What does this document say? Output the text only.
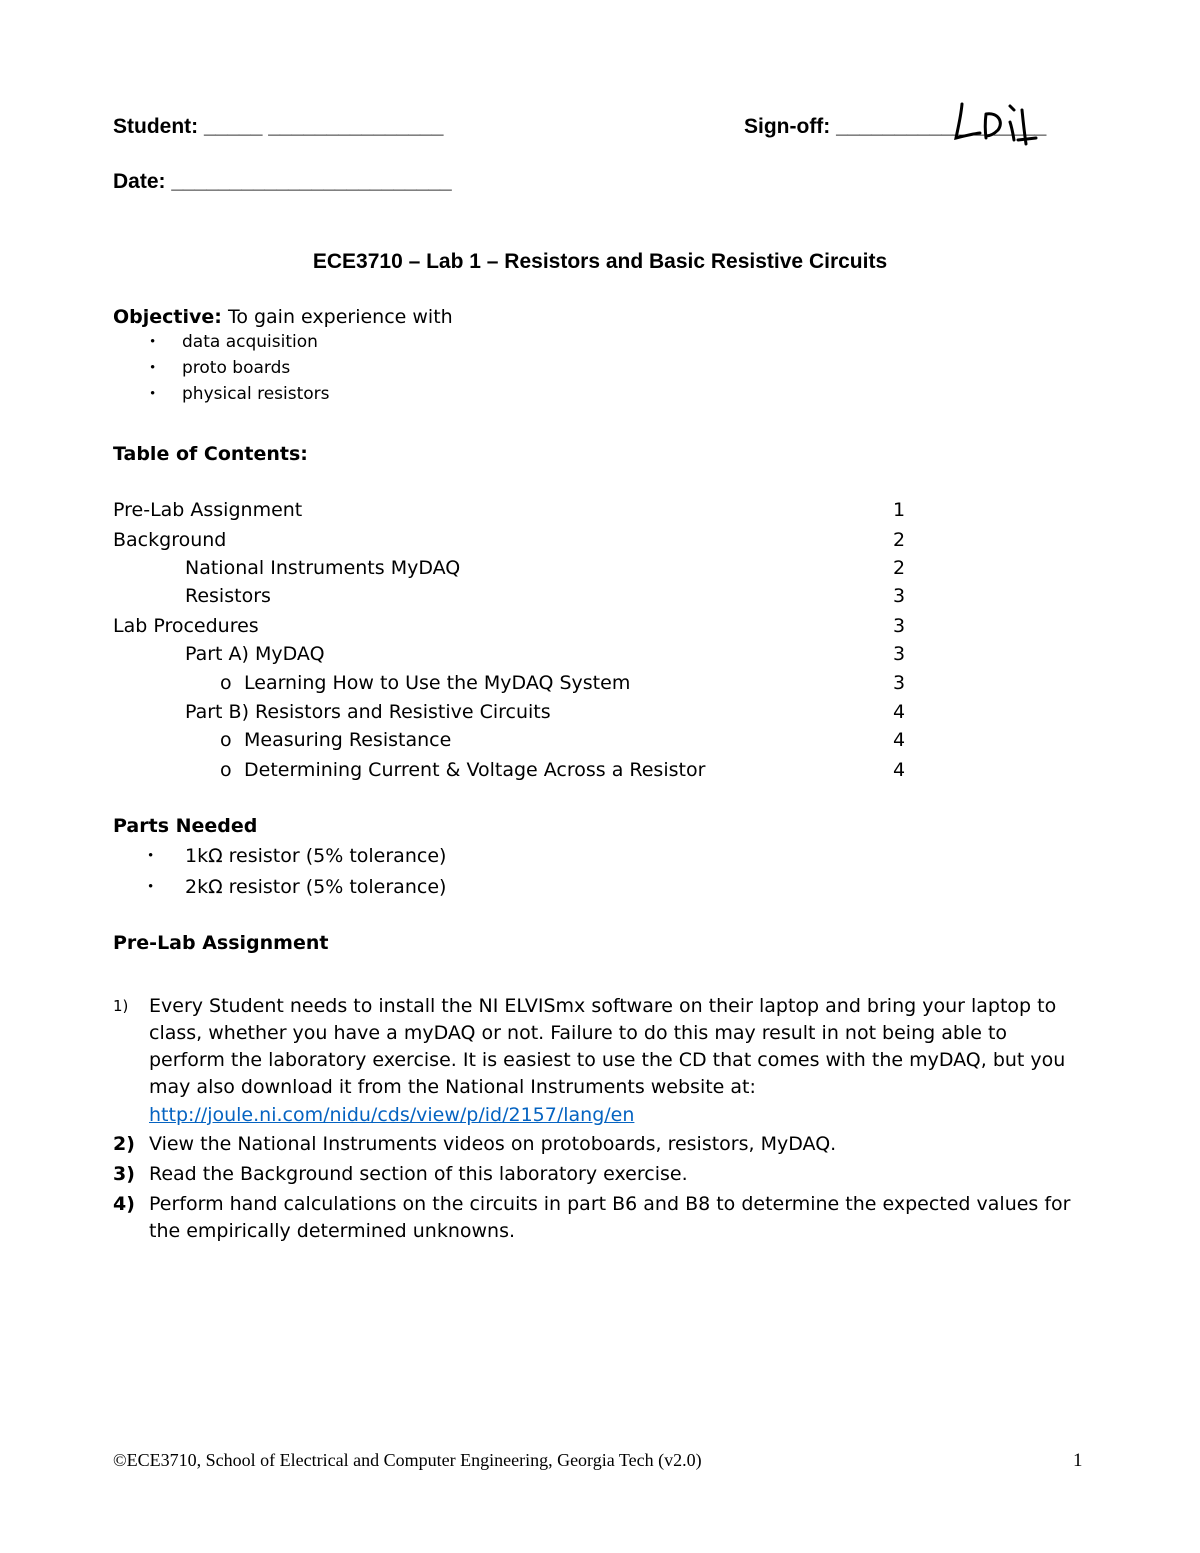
Student: _____ _______________	Sign-off: __________________
Date: ________________________
ECE3710 – Lab 1 – Resistors and Basic Resistive Circuits
Objective: To gain experience with
• data acquisition
• proto boards
• physical resistors
Table of Contents:
Pre-Lab Assignment	1
Background	2
National Instruments MyDAQ	2
Resistors	3
Lab Procedures	3
Part A) MyDAQ	3
o Learning How to Use the MyDAQ System	3
Part B) Resistors and Resistive Circuits	4
o Measuring Resistance	4
o Determining Current & Voltage Across a Resistor	4
Parts Needed
• 1kΩ resistor (5% tolerance)
• 2kΩ resistor (5% tolerance)
Pre-Lab Assignment
1) Every Student needs to install the NI ELVISmx software on their laptop and bring your laptop to
class, whether you have a myDAQ or not. Failure to do this may result in not being able to
perform the laboratory exercise. It is easiest to use the CD that comes with the myDAQ, but you
may also download it from the National Instruments website at:
http://joule.ni.com/nidu/cds/view/p/id/2157/lang/en
2) View the National Instruments videos on protoboards, resistors, MyDAQ.
3) Read the Background section of this laboratory exercise.
4) Perform hand calculations on the circuits in part B6 and B8 to determine the expected values for
the empirically determined unknowns.
©ECE3710, School of Electrical and Computer Engineering, Georgia Tech (v2.0)	1
